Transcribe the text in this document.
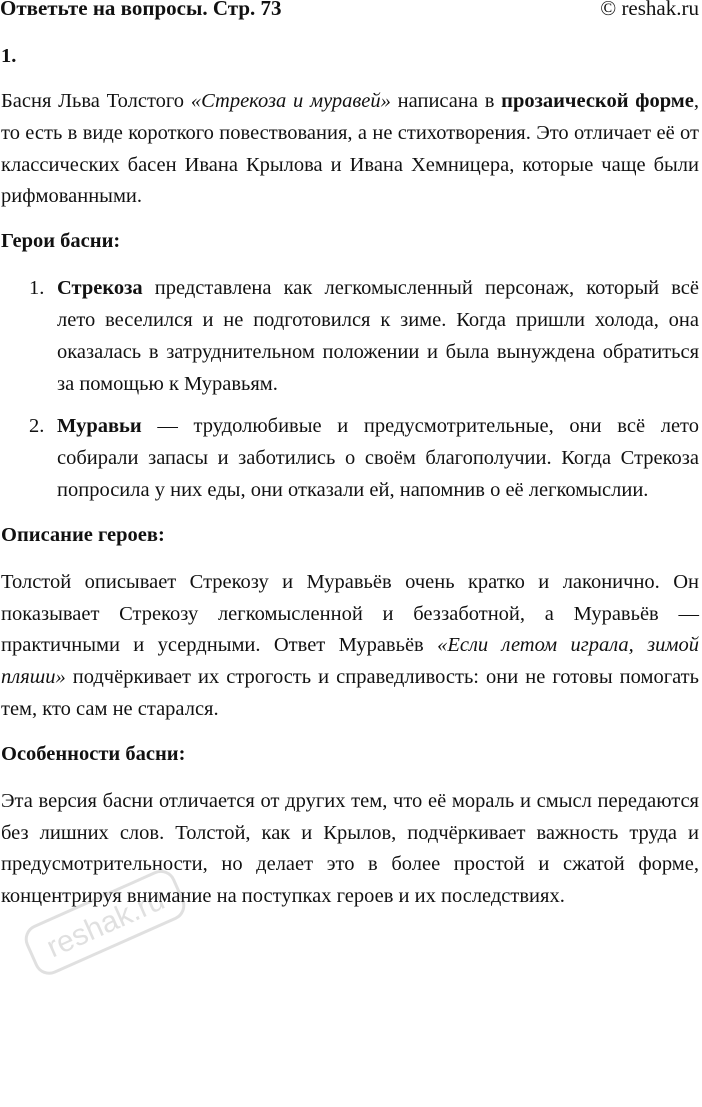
Ответьте на вопросы. Стр. 73	© reshak.ru
1.

Басня Льва Толстого «Стрекоза и муравей» написана в прозаической форме, то есть в виде короткого повествования, а не стихотворения. Это отличает её от классических басен Ивана Крылова и Ивана Хемницера, которые чаще были рифмованными.

Герои басни:
1. Стрекоза представлена как легкомысленный персонаж, который всё лето веселился и не подготовился к зиме. Когда пришли холода, она оказалась в затруднительном положении и была вынуждена обратиться за помощью к Муравьям.
2. Муравьи — трудолюбивые и предусмотрительные, они всё лето собирали запасы и заботились о своём благополучии. Когда Стрекоза попросила у них еды, они отказали ей, напомнив о её легкомыслии.
Описание героев:

Толстой описывает Стрекозу и Муравьёв очень кратко и лаконично. Он показывает Стрекозу легкомысленной и беззаботной, а Муравьёв — практичными и усердными. Ответ Муравьёв «Если летом играла, зимой пляши» подчёркивает их строгость и справедливость: они не готовы помогать тем, кто сам не старался.

Особенности басни:

Эта версия басни отличается от других тем, что её мораль и смысл передаются без лишних слов. Толстой, как и Крылов, подчёркивает важность труда и предусмотрительности, но делает это в более простой и сжатой форме, концентрируя внимание на поступках героев и их последствиях.

reshak.ru
